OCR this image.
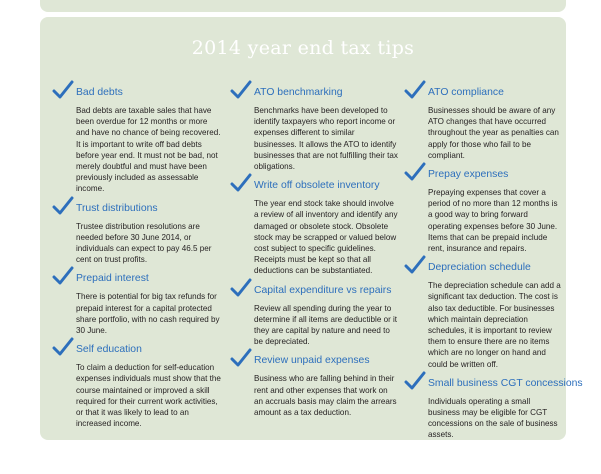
2014 year end tax tips
Bad debts
Bad debts are taxable sales that have been overdue for 12 months or more and have no chance of being recovered. It is important to write off bad debts before year end. It must not be bad, not merely doubtful and must have been previously included as assessable income.
Trust distributions
Trustee distribution resolutions are needed before 30 June 2014, or individuals can expect to pay 46.5 per cent on trust profits.
Prepaid interest
There is potential for big tax refunds for prepaid interest for a capital protected share portfolio, with no cash required by 30 June.
Self education
To claim a deduction for self-education expenses individuals must show that the course maintained or improved a skill required for their current work activities, or that it was likely to lead to an increased income.
ATO benchmarking
Benchmarks have been developed to identify taxpayers who report income or expenses different to similar businesses. It allows the ATO to identify businesses that are not fulfilling their tax obligations.
Write off obsolete inventory
The year end stock take should involve a review of all inventory and identify any damaged or obsolete stock. Obsolete stock may be scrapped or valued below cost subject to specific guidelines. Receipts must be kept so that all deductions can be substantiated.
Capital expenditure vs repairs
Review all spending during the year to determine if all items are deductible or it they are capital by nature and need to be depreciated.
Review unpaid expenses
Business who are falling behind in their rent and other expenses that work on an accruals basis may claim the arrears amount as a tax deduction.
ATO compliance
Businesses should be aware of any ATO changes that have occurred throughout the year as penalties can apply for those who fail to be compliant.
Prepay expenses
Prepaying expenses that cover a period of no more than 12 months is a good way to bring forward operating expenses before 30 June. Items that can be prepaid include rent, insurance and repairs.
Depreciation schedule
The depreciation schedule can add a significant tax deduction. The cost is also tax deductible. For businesses which maintain depreciation schedules, it is important to review them to ensure there are no items which are no longer on hand and could be written off.
Small business CGT concessions
Individuals operating a small business may be eligible for CGT concessions on the sale of business assets.
